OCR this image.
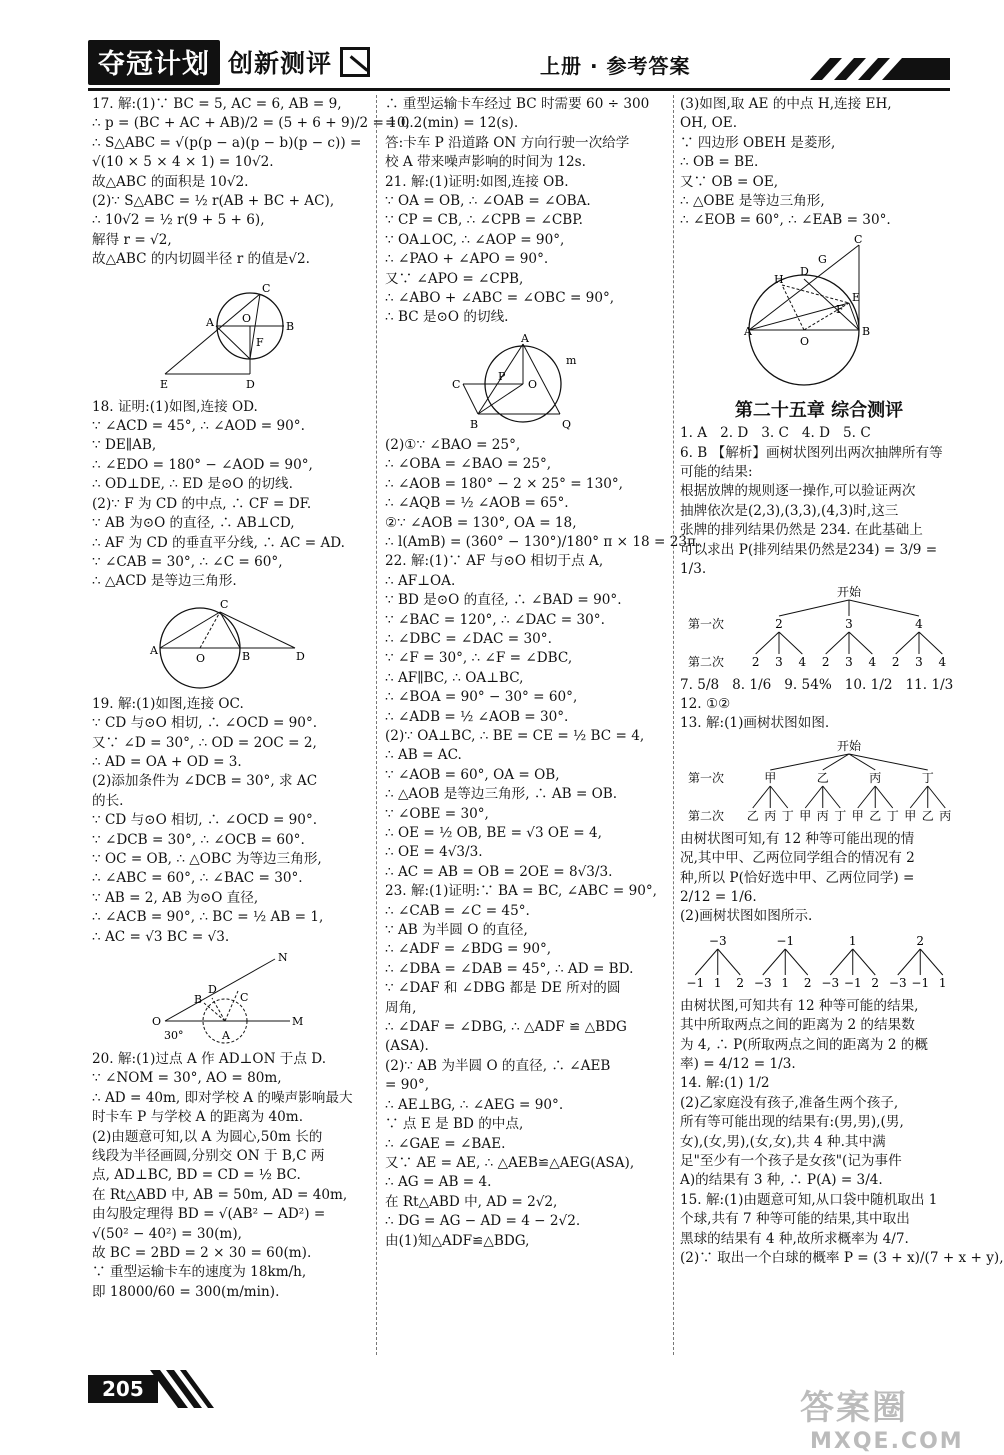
夺冠计划 创新测评	上册 · 参考答案
17. 解:(1)∵ BC = 5, AC = 6, AB = 9,
∴ p = (BC + AC + AB)/2 = (5 + 6 + 9)/2 = 10,
∴ S△ABC = √(p(p − a)(p − b)(p − c)) =
√(10 × 5 × 4 × 1) = 10√2.
故△ABC 的面积是 10√2.
(2)∵ S△ABC = ½ r(AB + BC + AC),
∴ 10√2 = ½ r(9 + 5 + 6),
解得 r = √2,
故△ABC 的内切圆半径 r 的值是√2.
A	B
C
D
E
F
O
18. 证明:(1)如图,连接 OD.
∵ ∠ACD = 45°, ∴ ∠AOD = 90°.
∵ DE∥AB,
∴ ∠EDO = 180° − ∠AOD = 90°,
∴ OD⊥DE, ∴ ED 是⊙O 的切线.
(2)∵ F 为 CD 的中点, ∴ CF = DF.
∵ AB 为⊙O 的直径, ∴ AB⊥CD,
∴ AF 为 CD 的垂直平分线, ∴ AC = AD.
∵ ∠CAB = 30°, ∴ ∠C = 60°,
∴ △ACD 是等边三角形.
A	B
C
D
O
19. 解:(1)如图,连接 OC.
∵ CD 与⊙O 相切, ∴ ∠OCD = 90°.
又∵ ∠D = 30°, ∴ OD = 2OC = 2,
∴ AD = OA + OD = 3.
(2)添加条件为 ∠DCB = 30°, 求 AC
的长.
∵ CD 与⊙O 相切, ∴ ∠OCD = 90°.
∵ ∠DCB = 30°, ∴ ∠OCB = 60°.
∵ OC = OB, ∴ △OBC 为等边三角形,
∴ ∠ABC = 60°, ∴ ∠BAC = 30°.
∵ AB = 2, AB 为⊙O 直径,
∴ ∠ACB = 90°, ∴ BC = ½ AB = 1,
∴ AC = √3 BC = √3.
N
M
O
A
B	C
D
30°
20. 解:(1)过点 A 作 AD⊥ON 于点 D.
∵ ∠NOM = 30°, AO = 80m,
∴ AD = 40m, 即对学校 A 的噪声影响最大
时卡车 P 与学校 A 的距离为 40m.
(2)由题意可知,以 A 为圆心,50m 长的
线段为半径画圆,分别交 ON 于 B,C 两
点, AD⊥BC, BD = CD = ½ BC.
在 Rt△ABD 中, AB = 50m, AD = 40m,
由勾股定理得 BD = √(AB² − AD²) =
√(50² − 40²) = 30(m),
故 BC = 2BD = 2 × 30 = 60(m).
∵ 重型运输卡车的速度为 18km/h,
即 18000/60 = 300(m/min).
∴ 重型运输卡车经过 BC 时需要 60 ÷ 300
= 0.2(min) = 12(s).
答:卡车 P 沿道路 ON 方向行驶一次给学
校 A 带来噪声影响的时间为 12s.
21. 解:(1)证明:如图,连接 OB.
∵ OA = OB, ∴ ∠OAB = ∠OBA.
∵ CP = CB, ∴ ∠CPB = ∠CBP.
∵ OA⊥OC, ∴ ∠AOP = 90°,
∴ ∠PAO + ∠APO = 90°.
又∵ ∠APO = ∠CPB,
∴ ∠ABO + ∠ABC = ∠OBC = 90°,
∴ BC 是⊙O 的切线.
A
B
C	O
P
Q
m
(2)①∵ ∠BAO = 25°,
∴ ∠OBA = ∠BAO = 25°,
∴ ∠AOB = 180° − 2 × 25° = 130°,
∴ ∠AQB = ½ ∠AOB = 65°.
②∵ ∠AOB = 130°, OA = 18,
∴ l(AmB) = (360° − 130°)/180° π × 18 = 23π.
22. 解:(1)∵ AF 与⊙O 相切于点 A,
∴ AF⊥OA.
∵ BD 是⊙O 的直径, ∴ ∠BAD = 90°.
∵ ∠BAC = 120°, ∴ ∠DAC = 30°.
∴ ∠DBC = ∠DAC = 30°.
∵ ∠F = 30°, ∴ ∠F = ∠DBC,
∴ AF∥BC, ∴ OA⊥BC,
∴ ∠BOA = 90° − 30° = 60°,
∴ ∠ADB = ½ ∠AOB = 30°.
(2)∵ OA⊥BC, ∴ BE = CE = ½ BC = 4,
∴ AB = AC.
∵ ∠AOB = 60°, OA = OB,
∴ △AOB 是等边三角形, ∴ AB = OB.
∵ ∠OBE = 30°,
∴ OE = ½ OB, BE = √3 OE = 4,
∴ OE = 4√3/3.
∴ AC = AB = OB = 2OE = 8√3/3.
23. 解:(1)证明:∵ BA = BC, ∠ABC = 90°,
∴ ∠CAB = ∠C = 45°.
∵ AB 为半圆 O 的直径,
∴ ∠ADF = ∠BDG = 90°,
∴ ∠DBA = ∠DAB = 45°, ∴ AD = BD.
∵ ∠DAF 和 ∠DBG 都是 DE 所对的圆
周角,
∴ ∠DAF = ∠DBG, ∴ △ADF ≌ △BDG
(ASA).
(2)∵ AB 为半圆 O 的直径, ∴ ∠AEB
= 90°,
∴ AE⊥BG, ∴ ∠AEG = 90°.
∵ 点 E 是 BD 的中点,
∴ ∠GAE = ∠BAE.
又∵ AE = AE, ∴ △AEB≌△AEG(ASA),
∴ AG = AB = 4.
在 Rt△ABD 中, AD = 2√2,
∴ DG = AG − AD = 4 − 2√2.
由(1)知△ADF≌△BDG,
(3)如图,取 AE 的中点 H,连接 EH,
OH, OE.
∵ 四边形 OBEH 是菱形,
∴ OB = BE.
又∵ OB = OE,
∴ △OBE 是等边三角形,
∴ ∠EOB = 60°, ∴ ∠EAB = 30°.
C
A	B
D
E
F
G
H
O
第二十五章 综合测评
1. A   2. D   3. C   4. D   5. C
6. B 【解析】画树状图列出两次抽牌所有等
可能的结果:
根据放牌的规则逐一操作,可以验证两次
抽牌依次是(2,3),(3,3),(4,3)时,这三
张牌的排列结果仍然是 234. 在此基础上
可以求出 P(排列结果仍然是234) = 3/9 =
1/3.
开始
第一次
第二次
2
2 3 4
3
2 3 4
4
2 3 4
7. 5/8   8. 1/6   9. 54%   10. 1/2   11. 1/3
12. ①②
13. 解:(1)画树状图如图.
开始
第一次
第二次
甲
乙 丙 丁
乙
甲 丙 丁
丙
甲 乙 丁
丁
甲 乙 丙
由树状图可知,有 12 种等可能出现的情
况,其中甲、乙两位同学组合的情况有 2
种,所以 P(恰好选中甲、乙两位同学) =
2/12 = 1/6.
(2)画树状图如图所示.
−3
−1 1 2
−1
−3 1 2
1
−3 −1 2
2
−3 −1 1
由树状图,可知共有 12 种等可能的结果,
其中所取两点之间的距离为 2 的结果数
为 4, ∴ P(所取两点之间的距离为 2 的概
率) = 4/12 = 1/3.
14. 解:(1) 1/2
(2)乙家庭没有孩子,准备生两个孩子,
所有等可能出现的结果有:(男,男),(男,
女),(女,男),(女,女),共 4 种.其中满
足"至少有一个孩子是女孩"(记为事件
A)的结果有 3 种, ∴ P(A) = 3/4.
15. 解:(1)由题意可知,从口袋中随机取出 1
个球,共有 7 种等可能的结果,其中取出
黑球的结果有 4 种,故所求概率为 4/7.
(2)∵ 取出一个白球的概率 P = (3 + x)/(7 + x + y),
205	答案圈
MXQE.COM
